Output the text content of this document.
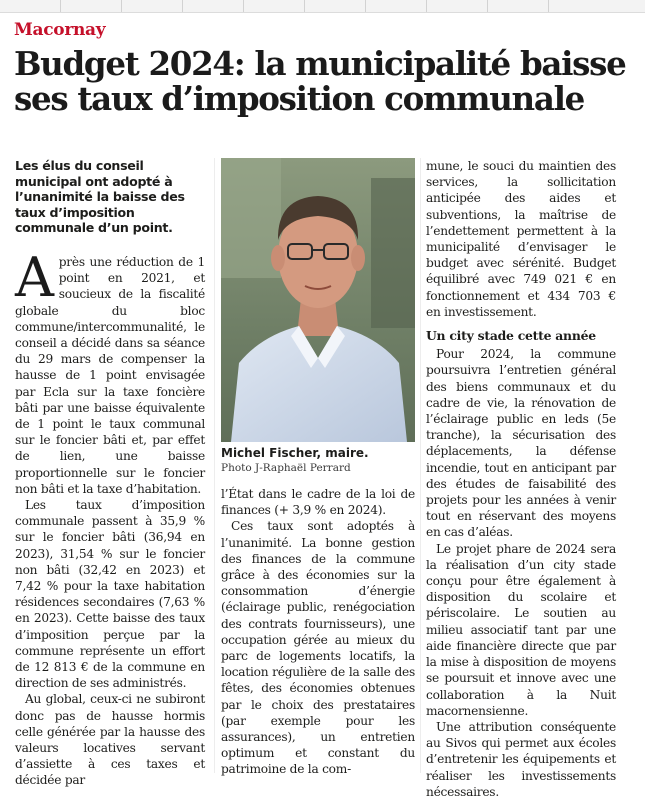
Macornay
Budget 2024: la municipalité baisse
ses taux d’imposition communale

Les élus du conseil municipal ont adopté à l’unanimité la baisse des taux d’imposition communale d’un point.

Après une réduction de 1 point en 2021, et soucieux de la fiscalité globale du bloc commune/intercommunalité, le conseil a décidé dans sa séance du 29 mars de compenser la hausse de 1 point envisagée par Ecla sur la taxe foncière bâti par une baisse équivalente de 1 point le taux communal sur le foncier bâti et, par effet de lien, une baisse proportionnelle sur le foncier non bâti et la taxe d’habitation.

Les taux d’imposition communale passent à 35,9 % sur le foncier bâti (36,94 en 2023), 31,54 % sur le foncier non bâti (32,42 en 2023) et 7,42 % pour la taxe habitation résidences secondaires (7,63 % en 2023). Cette baisse des taux d’imposition perçue par la commune représente un effort de 12 813 € de la commune en direction de ses administrés.

Au global, ceux-ci ne subiront donc pas de hausse hormis celle générée par la hausse des valeurs locatives servant d’assiette à ces taxes et décidée par

Michel Fischer, maire.
Photo J-Raphaël Perrard

l’État dans le cadre de la loi de finances (+ 3,9 % en 2024).

Ces taux sont adoptés à l’unanimité. La bonne gestion des finances de la commune grâce à des économies sur la consommation d’énergie (éclairage public, renégociation des contrats fournisseurs), une occupation gérée au mieux du parc de logements locatifs, la location régulière de la salle des fêtes, des économies obtenues par le choix des prestataires (par exemple pour les assurances), un entretien optimum et constant du patrimoine de la com-

mune, le souci du maintien des services, la sollicitation anticipée des aides et subventions, la maîtrise de l’endettement permettent à la municipalité d’envisager le budget avec sérénité. Budget équilibré avec 749 021 € en fonctionnement et 434 703 € en investissement.

Un city stade cette année

Pour 2024, la commune poursuivra l’entretien général des biens communaux et du cadre de vie, la rénovation de l’éclairage public en leds (5e tranche), la sécurisation des déplacements, la défense incendie, tout en anticipant par des études de faisabilité des projets pour les années à venir tout en réservant des moyens en cas d’aléas.

Le projet phare de 2024 sera la réalisation d’un city stade conçu pour être également à disposition du scolaire et périscolaire. Le soutien au milieu associatif tant par une aide financière directe que par la mise à disposition de moyens se poursuit et innove avec une collaboration à la Nuit macornensienne.

Une attribution conséquente au Sivos qui permet aux écoles d’entretenir les équipements et réaliser les investissements nécessaires.
